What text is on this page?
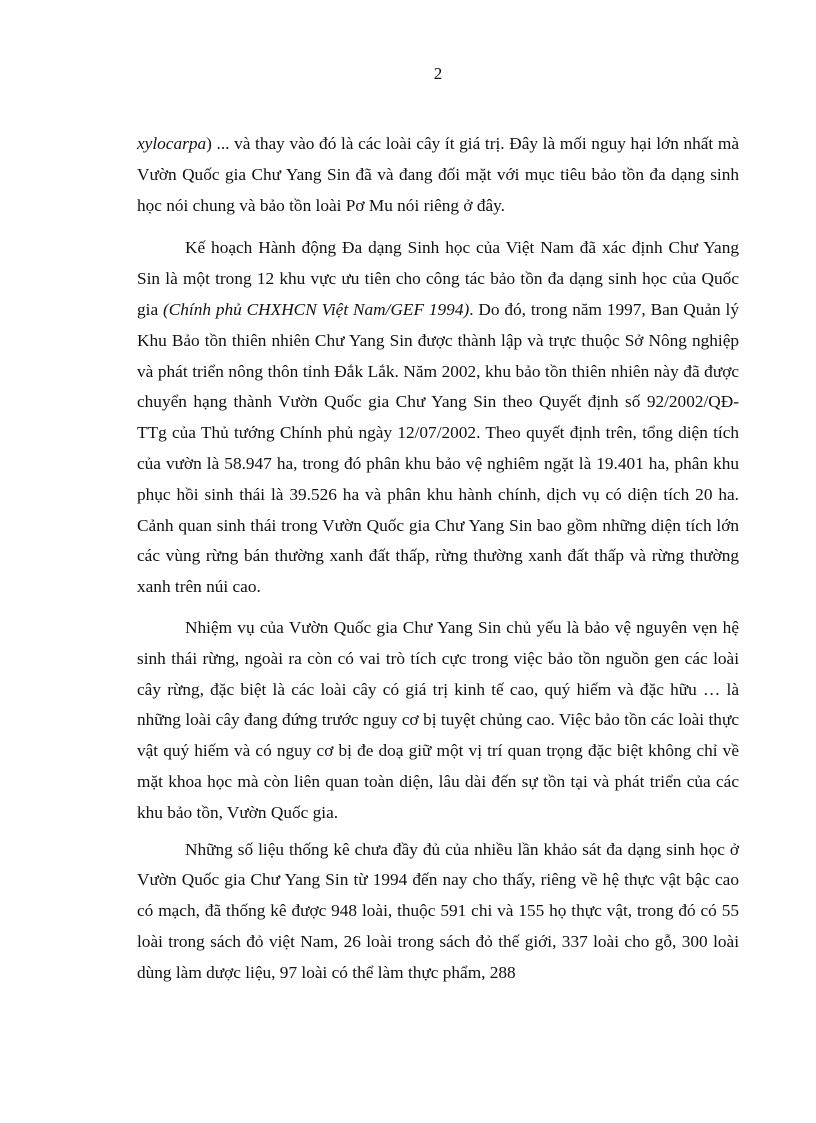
2

xylocarpa) ... và thay vào đó là các loài cây ít giá trị. Đây là mối nguy hại lớn nhất mà Vườn Quốc gia Chư Yang Sin đã và đang đối mặt với mục tiêu bảo tồn đa dạng sinh học nói chung và bảo tồn loài Pơ Mu nói riêng ở đây.

Kế hoạch Hành động Đa dạng Sinh học của Việt Nam đã xác định Chư Yang Sin là một trong 12 khu vực ưu tiên cho công tác bảo tồn đa dạng sinh học của Quốc gia (Chính phủ CHXHCN Việt Nam/GEF 1994). Do đó, trong năm 1997, Ban Quản lý Khu Bảo tồn thiên nhiên Chư Yang Sin được thành lập và trực thuộc Sở Nông nghiệp và phát triển nông thôn tỉnh Đắk Lắk. Năm 2002, khu bảo tồn thiên nhiên này đã được chuyển hạng thành Vườn Quốc gia Chư Yang Sin theo Quyết định số 92/2002/QĐ-TTg của Thủ tướng Chính phủ ngày 12/07/2002. Theo quyết định trên, tổng diện tích của vườn là 58.947 ha, trong đó phân khu bảo vệ nghiêm ngặt là 19.401 ha, phân khu phục hồi sinh thái là 39.526 ha và phân khu hành chính, dịch vụ có diện tích 20 ha. Cảnh quan sinh thái trong Vườn Quốc gia Chư Yang Sin bao gồm những diện tích lớn các vùng rừng bán thường xanh đất thấp, rừng thường xanh đất thấp và rừng thường xanh trên núi cao.

Nhiệm vụ của Vườn Quốc gia Chư Yang Sin chủ yếu là bảo vệ nguyên vẹn hệ sinh thái rừng, ngoài ra còn có vai trò tích cực trong việc bảo tồn nguồn gen các loài cây rừng, đặc biệt là các loài cây có giá trị kinh tế cao, quý hiếm và đặc hữu … là những loài cây đang đứng trước nguy cơ bị tuyệt chủng cao. Việc bảo tồn các loài thực vật quý hiếm và có nguy cơ bị đe doạ giữ một vị trí quan trọng đặc biệt không chỉ về mặt khoa học mà còn liên quan toàn diện, lâu dài đến sự tồn tại và phát triển của các khu bảo tồn, Vườn Quốc gia.

Những số liệu thống kê chưa đầy đủ của nhiều lần khảo sát đa dạng sinh học ở Vườn Quốc gia Chư Yang Sin từ 1994 đến nay cho thấy, riêng về hệ thực vật bậc cao có mạch, đã thống kê được 948 loài, thuộc 591 chi và 155 họ thực vật, trong đó có 55 loài trong sách đỏ việt Nam, 26 loài trong sách đỏ thế giới, 337 loài cho gỗ, 300 loài dùng làm dược liệu, 97 loài có thể làm thực phẩm, 288
